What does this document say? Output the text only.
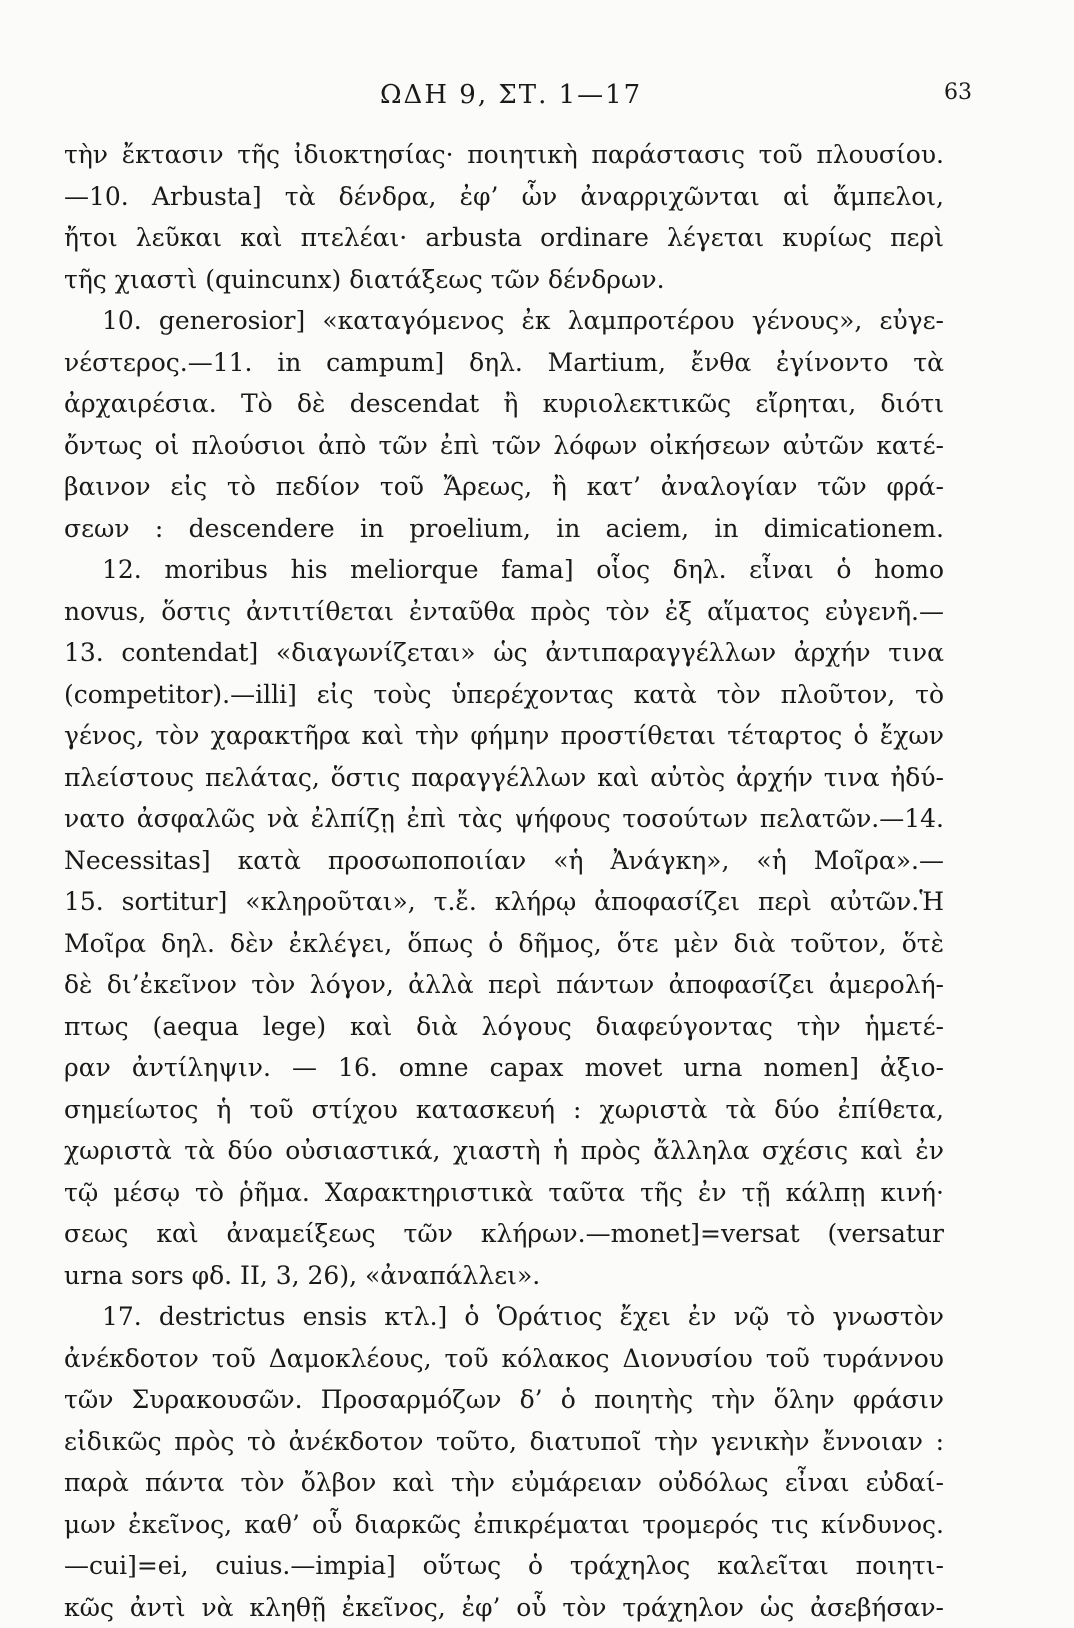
ΩΔΗ 9, ΣΤ. 1—17	63
τὴν ἔκτασιν τῆς ἰδιοκτησίας· ποιητικὴ παράστασις τοῦ πλουσίου.
—10. Arbusta] τὰ δένδρα, ἐφ’ ὧν ἀναρριχῶνται αἱ ἄμπελοι,
ἤτοι λεῦκαι καὶ πτελέαι· arbusta ordinare λέγεται κυρίως περὶ
τῆς χιαστὶ (quincunx) διατάξεως τῶν δένδρων.
10. generosior] «καταγόμενος ἐκ λαμπροτέρου γένους», εὐγε-
νέστερος.—11. in campum] δηλ. Martium, ἔνθα ἐγίνοντο τὰ
ἀρχαιρέσια. Τὸ δὲ descendat ἢ κυριολεκτικῶς εἴρηται, διότι
ὄντως οἱ πλούσιοι ἀπὸ τῶν ἐπὶ τῶν λόφων οἰκήσεων αὐτῶν κατέ-
βαινον εἰς τὸ πεδίον τοῦ Ἄρεως, ἢ κατ’ ἀναλογίαν τῶν φρά-
σεων : descendere in proelium, in aciem, in dimicationem.
12. moribus his meliorque fama] οἷος δηλ. εἶναι ὁ homo
novus, ὅστις ἀντιτίθεται ἐνταῦθα πρὸς τὸν ἐξ αἵματος εὐγενῆ.—
13. contendat] «διαγωνίζεται» ὡς ἀντιπαραγγέλλων ἀρχήν τινα
(competitor).—illi] εἰς τοὺς ὑπερέχοντας κατὰ τὸν πλοῦτον, τὸ
γένος, τὸν χαρακτῆρα καὶ τὴν φήμην προστίθεται τέταρτος ὁ ἔχων
πλείστους πελάτας, ὅστις παραγγέλλων καὶ αὐτὸς ἀρχήν τινα ἠδύ-
νατο ἀσφαλῶς νὰ ἐλπίζῃ ἐπὶ τὰς ψήφους τοσούτων πελατῶν.—14.
Necessitas] κατὰ προσωποποιίαν «ἡ Ἀνάγκη», «ἡ Μοῖρα».—
15. sortitur] «κληροῦται», τ.ἔ. κλήρῳ ἀποφασίζει περὶ αὐτῶν.Ἡ
Μοῖρα δηλ. δὲν ἐκλέγει, ὅπως ὁ δῆμος, ὅτε μὲν διὰ τοῦτον, ὅτὲ
δὲ δι’ἐκεῖνον τὸν λόγον, ἀλλὰ περὶ πάντων ἀποφασίζει ἀμερολή-
πτως (aequa lege) καὶ διὰ λόγους διαφεύγοντας τὴν ἡμετέ-
ραν ἀντίληψιν. — 16. omne capax movet urna nomen] ἀξιο-
σημείωτος ἡ τοῦ στίχου κατασκευή : χωριστὰ τὰ δύο ἐπίθετα,
χωριστὰ τὰ δύο οὐσιαστικά, χιαστὴ ἡ πρὸς ἄλληλα σχέσις καὶ ἐν
τῷ μέσῳ τὸ ῥῆμα. Χαρακτηριστικὰ ταῦτα τῆς ἐν τῇ κάλπῃ κινή·
σεως καὶ ἀναμείξεως τῶν κλήρων.—monet]=versat (versatur
urna sors φδ. II, 3, 26), «ἀναπάλλει».
17. destrictus ensis κτλ.] ὁ Ὁράτιος ἔχει ἐν νῷ τὸ γνωστὸν
ἀνέκδοτον τοῦ Δαμοκλέους, τοῦ κόλακος Διονυσίου τοῦ τυράννου
τῶν Συρακουσῶν. Προσαρμόζων δ’ ὁ ποιητὴς τὴν ὅλην φράσιν
εἰδικῶς πρὸς τὸ ἀνέκδοτον τοῦτο, διατυποῖ τὴν γενικὴν ἔννοιαν :
παρὰ πάντα τὸν ὄλβον καὶ τὴν εὐμάρειαν οὐδόλως εἶναι εὐδαί-
μων ἐκεῖνος, καθ’ οὗ διαρκῶς ἐπικρέμαται τρομερός τις κίνδυνος.
—cui]=ei, cuius.—impia] οὕτως ὁ τράχηλος καλεῖται ποιητι-
κῶς ἀντὶ νὰ κληθῇ ἐκεῖνος, ἐφ’ οὗ τὸν τράχηλον ὡς ἀσεβήσαν-
